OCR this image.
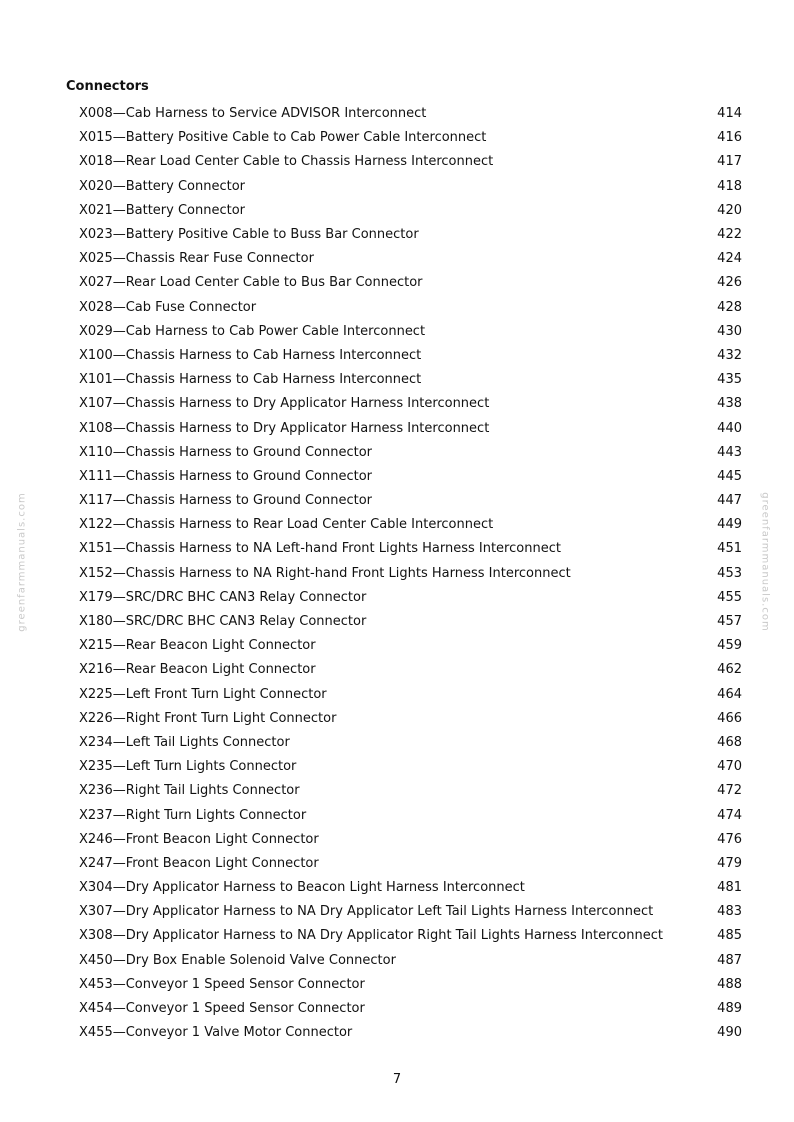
greenfarmmanuals.com	greenfarmmanuals.com
Connectors
X008—Cab Harness to Service ADVISOR Interconnect	414
X015—Battery Positive Cable to Cab Power Cable Interconnect	416
X018—Rear Load Center Cable to Chassis Harness Interconnect	417
X020—Battery Connector	418
X021—Battery Connector	420
X023—Battery Positive Cable to Buss Bar Connector	422
X025—Chassis Rear Fuse Connector	424
X027—Rear Load Center Cable to Bus Bar Connector	426
X028—Cab Fuse Connector	428
X029—Cab Harness to Cab Power Cable Interconnect	430
X100—Chassis Harness to Cab Harness Interconnect	432
X101—Chassis Harness to Cab Harness Interconnect	435
X107—Chassis Harness to Dry Applicator Harness Interconnect	438
X108—Chassis Harness to Dry Applicator Harness Interconnect	440
X110—Chassis Harness to Ground Connector	443
X111—Chassis Harness to Ground Connector	445
X117—Chassis Harness to Ground Connector	447
X122—Chassis Harness to Rear Load Center Cable Interconnect	449
X151—Chassis Harness to NA Left-hand Front Lights Harness Interconnect	451
X152—Chassis Harness to NA Right-hand Front Lights Harness Interconnect	453
X179—SRC/DRC BHC CAN3 Relay Connector	455
X180—SRC/DRC BHC CAN3 Relay Connector	457
X215—Rear Beacon Light Connector	459
X216—Rear Beacon Light Connector	462
X225—Left Front Turn Light Connector	464
X226—Right Front Turn Light Connector	466
X234—Left Tail Lights Connector	468
X235—Left Turn Lights Connector	470
X236—Right Tail Lights Connector	472
X237—Right Turn Lights Connector	474
X246—Front Beacon Light Connector	476
X247—Front Beacon Light Connector	479
X304—Dry Applicator Harness to Beacon Light Harness Interconnect	481
X307—Dry Applicator Harness to NA Dry Applicator Left Tail Lights Harness Interconnect	483
X308—Dry Applicator Harness to NA Dry Applicator Right Tail Lights Harness Interconnect	485
X450—Dry Box Enable Solenoid Valve Connector	487
X453—Conveyor 1 Speed Sensor Connector	488
X454—Conveyor 1 Speed Sensor Connector	489
X455—Conveyor 1 Valve Motor Connector	490
7
